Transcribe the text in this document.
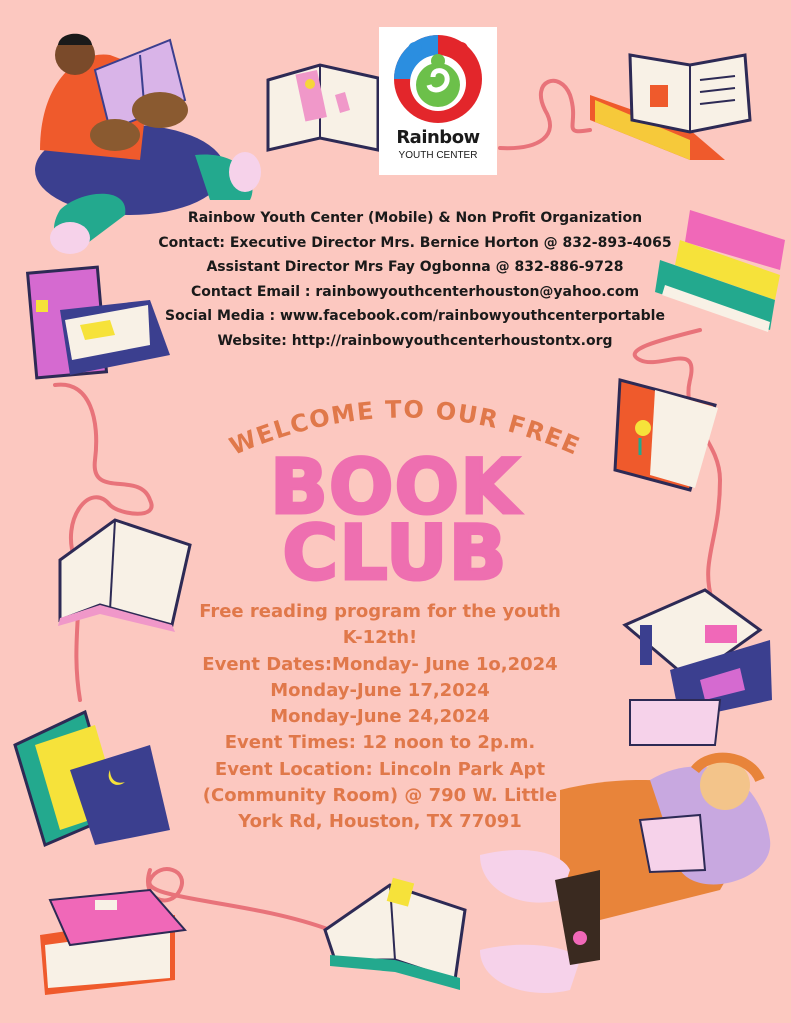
Rainbow
YOUTH CENTER
Rainbow Youth Center (Mobile) & Non Profit Organization
Contact: Executive Director Mrs. Bernice Horton @ 832-893-4065
Assistant Director Mrs Fay Ogbonna @ 832-886-9728
Contact Email : rainbowyouthcenterhouston@yahoo.com
Social Media : www.facebook.com/rainbowyouthcenterportable
Website: http://rainbowyouthcenterhoustontx.org
WELCOME TO OUR FREE
BOOK
CLUB
Free reading program for the youth
K-12th!
Event Dates:Monday- June 1o,2024
Monday-June 17,2024
Monday-June 24,2024
Event Times: 12 noon to 2p.m.
Event Location: Lincoln Park Apt
(Community Room) @ 790 W. Little
York Rd, Houston, TX 77091
